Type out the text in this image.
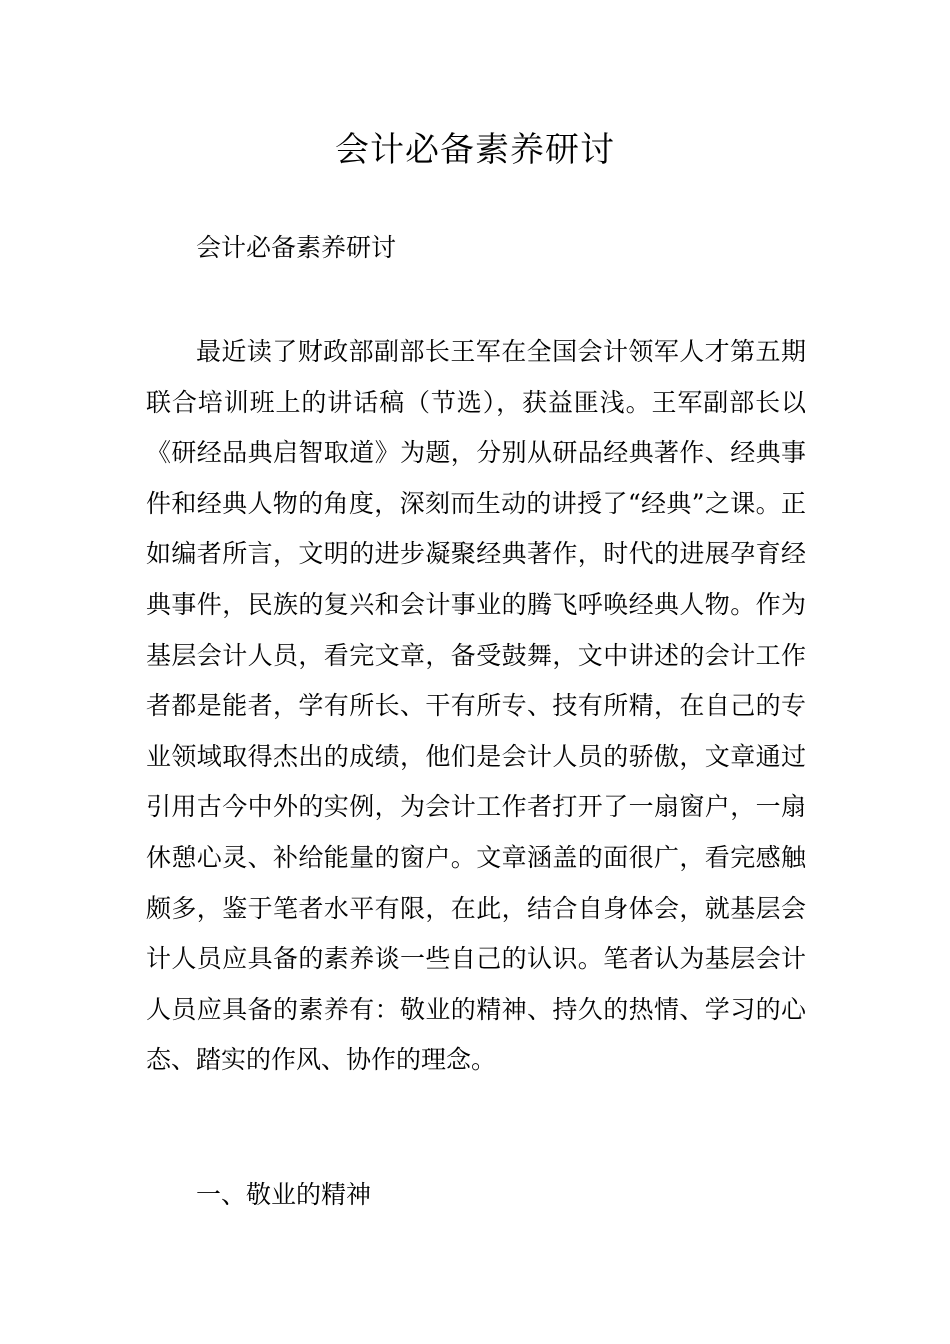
会计必备素养研讨

会计必备素养研讨

最近读了财政部副部长王军在全国会计领军人才第五期联合培训班上的讲话稿（节选），获益匪浅。王军副部长以《研经品典启智取道》为题，分别从研品经典著作、经典事件和经典人物的角度，深刻而生动的讲授了“经典”之课。正如编者所言，文明的进步凝聚经典著作，时代的进展孕育经典事件，民族的复兴和会计事业的腾飞呼唤经典人物。作为基层会计人员，看完文章，备受鼓舞，文中讲述的会计工作者都是能者，学有所长、干有所专、技有所精，在自己的专业领域取得杰出的成绩，他们是会计人员的骄傲，文章通过引用古今中外的实例，为会计工作者打开了一扇窗户，一扇休憩心灵、补给能量的窗户。文章涵盖的面很广，看完感触颇多，鉴于笔者水平有限，在此，结合自身体会，就基层会计人员应具备的素养谈一些自己的认识。笔者认为基层会计人员应具备的素养有：敬业的精神、持久的热情、学习的心态、踏实的作风、协作的理念。

一、敬业的精神
